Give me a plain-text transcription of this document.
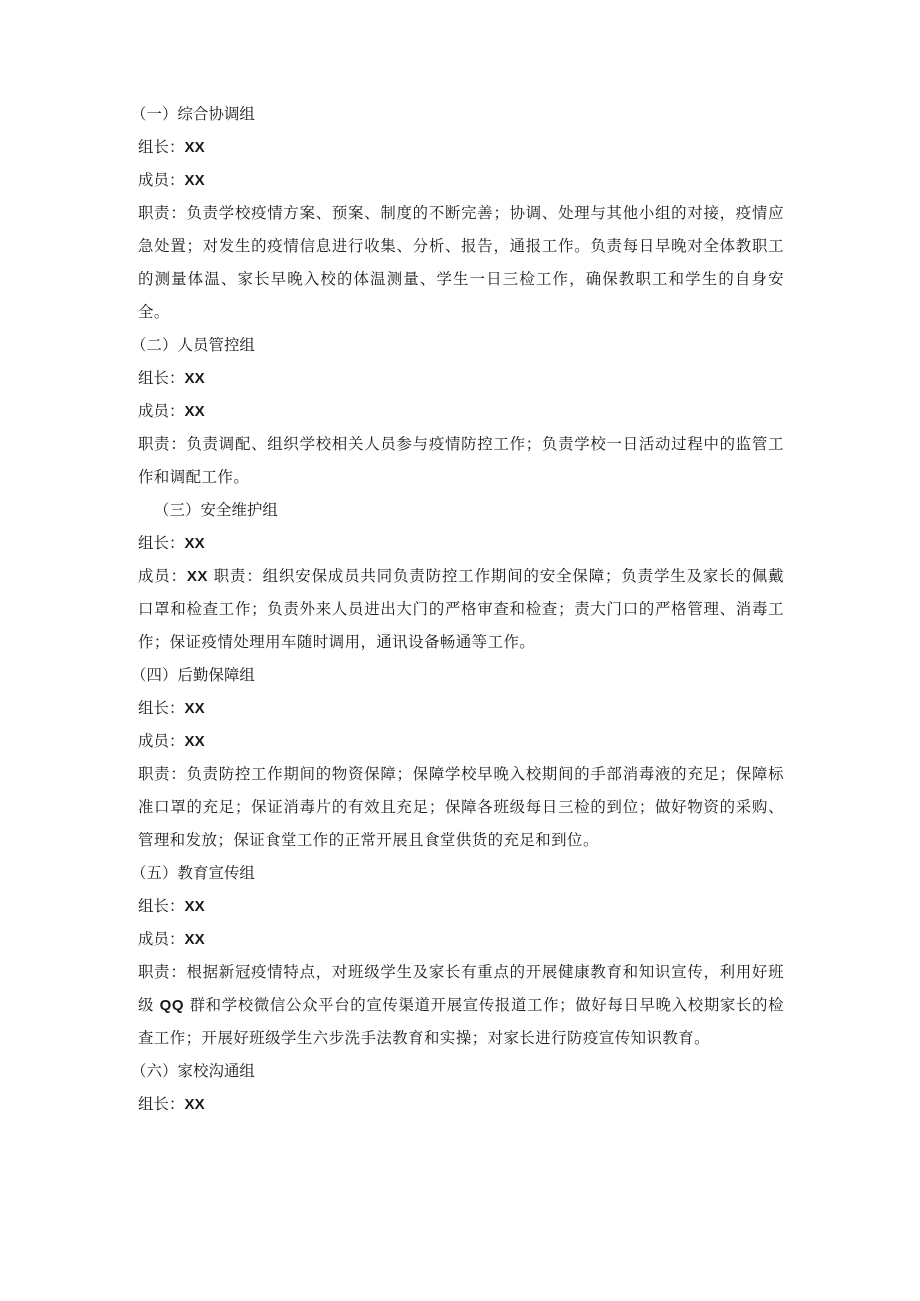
（一）综合协调组
组长：XX
成员：XX
职责：负责学校疫情方案、预案、制度的不断完善；协调、处理与其他小组的对接，疫情应急处置；对发生的疫情信息进行收集、分析、报告，通报工作。负责每日早晚对全体教职工的测量体温、家长早晚入校的体温测量、学生一日三检工作，确保教职工和学生的自身安全。
（二）人员管控组
组长：XX
成员：XX
职责：负责调配、组织学校相关人员参与疫情防控工作；负责学校一日活动过程中的监管工作和调配工作。
（三）安全维护组
组长：XX
成员：XX 职责：组织安保成员共同负责防控工作期间的安全保障；负责学生及家长的佩戴口罩和检查工作；负责外来人员进出大门的严格审查和检查；责大门口的严格管理、消毒工作；保证疫情处理用车随时调用，通讯设备畅通等工作。
（四）后勤保障组
组长：XX
成员：XX
职责：负责防控工作期间的物资保障；保障学校早晚入校期间的手部消毒液的充足；保障标准口罩的充足；保证消毒片的有效且充足；保障各班级每日三检的到位；做好物资的采购、管理和发放；保证食堂工作的正常开展且食堂供货的充足和到位。
（五）教育宣传组
组长：XX
成员：XX
职责：根据新冠疫情特点，对班级学生及家长有重点的开展健康教育和知识宣传，利用好班级 QQ 群和学校微信公众平台的宣传渠道开展宣传报道工作；做好每日早晚入校期家长的检查工作；开展好班级学生六步洗手法教育和实操；对家长进行防疫宣传知识教育。
（六）家校沟通组
组长：XX
